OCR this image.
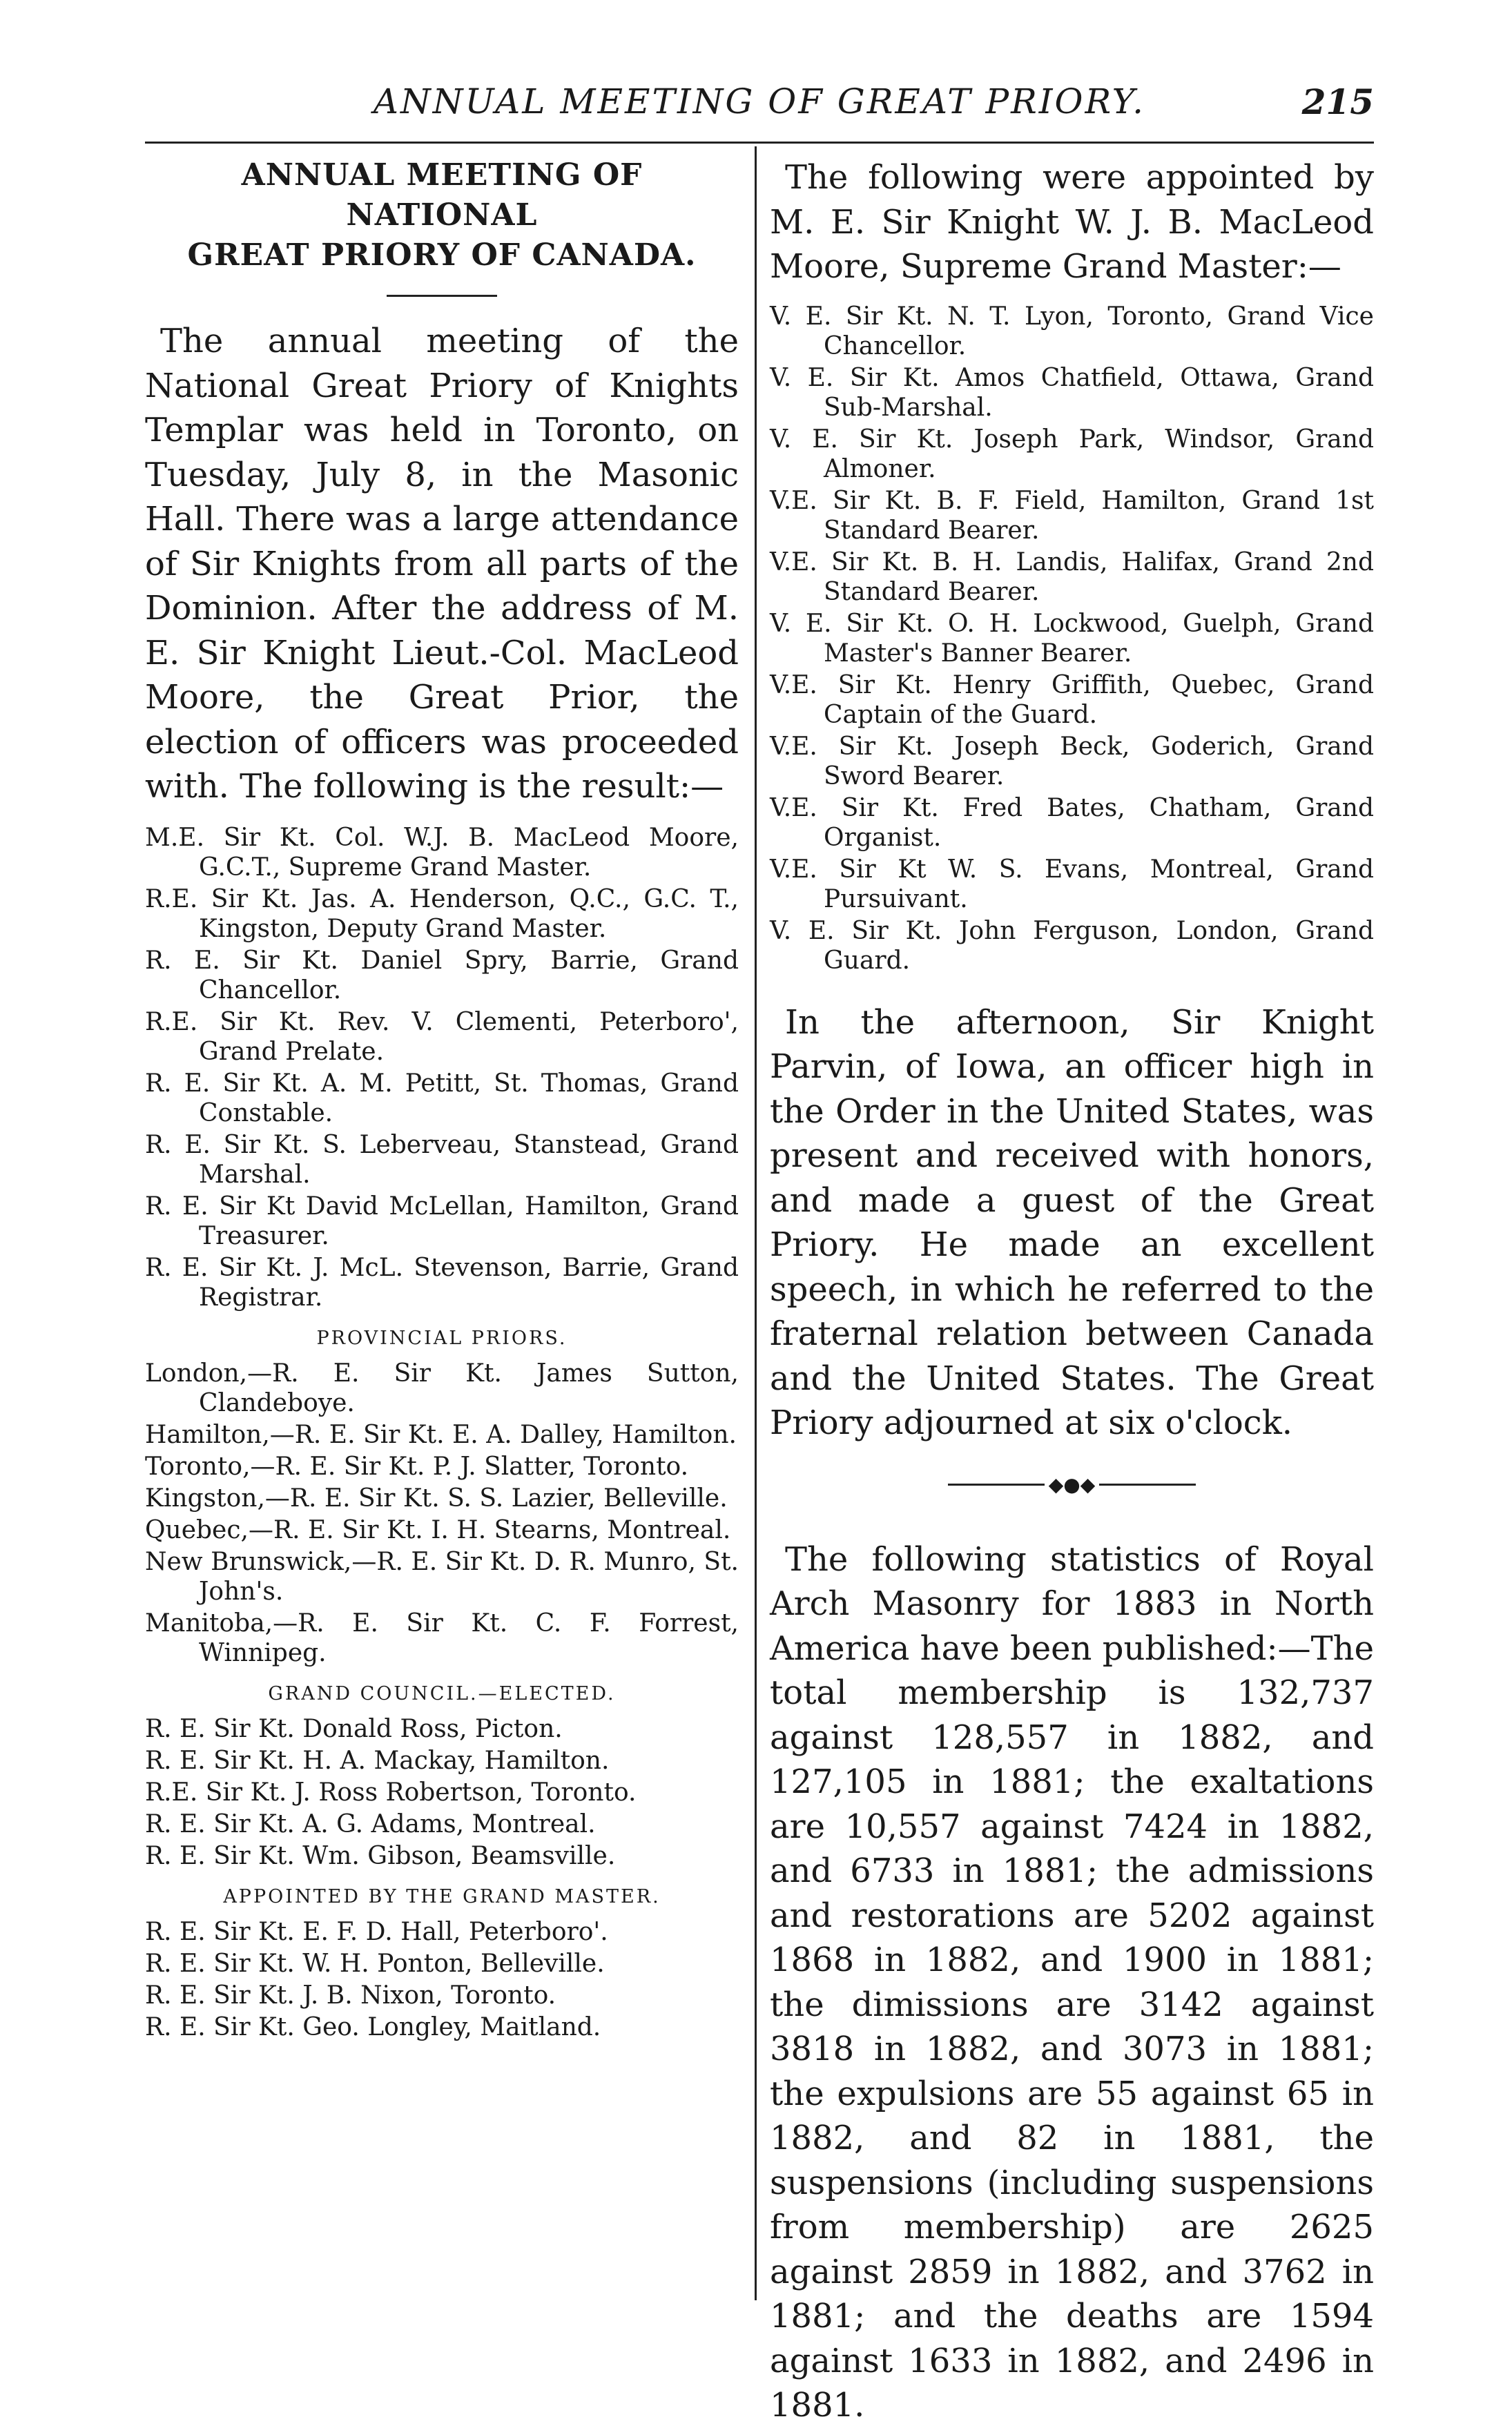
ANNUAL MEETING OF GREAT PRIORY.	215
ANNUAL MEETING OF NATIONAL
GREAT PRIORY OF CANADA.

The annual meeting of the National Great Priory of Knights Templar was held in Toronto, on Tuesday, July 8, in the Masonic Hall. There was a large attendance of Sir Knights from all parts of the Dominion. After the address of M. E. Sir Knight Lieut.-Col. MacLeod Moore, the Great Prior, the election of officers was proceeded with. The following is the result:—

M.E. Sir Kt. Col. W.J. B. MacLeod Moore, G.C.T., Supreme Grand Master.

R.E. Sir Kt. Jas. A. Henderson, Q.C., G.C. T., Kingston, Deputy Grand Master.

R. E. Sir Kt. Daniel Spry, Barrie, Grand Chancellor.

R.E. Sir Kt. Rev. V. Clementi, Peterboro', Grand Prelate.

R. E. Sir Kt. A. M. Petitt, St. Thomas, Grand Constable.

R. E. Sir Kt. S. Leberveau, Stanstead, Grand Marshal.

R. E. Sir Kt David McLellan, Hamilton, Grand Treasurer.

R. E. Sir Kt. J. McL. Stevenson, Barrie, Grand Registrar.

PROVINCIAL PRIORS.

London,—R. E. Sir Kt. James Sutton, Clandeboye.

Hamilton,—R. E. Sir Kt. E. A. Dalley, Hamilton.

Toronto,—R. E. Sir Kt. P. J. Slatter, Toronto.

Kingston,—R. E. Sir Kt. S. S. Lazier, Belleville.

Quebec,—R. E. Sir Kt. I. H. Stearns, Montreal.

New Brunswick,—R. E. Sir Kt. D. R. Munro, St. John's.

Manitoba,—R. E. Sir Kt. C. F. Forrest, Winnipeg.

GRAND COUNCIL.—ELECTED.

R. E. Sir Kt. Donald Ross, Picton.

R. E. Sir Kt. H. A. Mackay, Hamilton.

R.E. Sir Kt. J. Ross Robertson, Toronto.

R. E. Sir Kt. A. G. Adams, Montreal.

R. E. Sir Kt. Wm. Gibson, Beamsville.

APPOINTED BY THE GRAND MASTER.

R. E. Sir Kt. E. F. D. Hall, Peterboro'.

R. E. Sir Kt. W. H. Ponton, Belleville.

R. E. Sir Kt. J. B. Nixon, Toronto.

R. E. Sir Kt. Geo. Longley, Maitland.

The following were appointed by M. E. Sir Knight W. J. B. MacLeod Moore, Supreme Grand Master:—

V. E. Sir Kt. N. T. Lyon, Toronto, Grand Vice Chancellor.

V. E. Sir Kt. Amos Chatfield, Ottawa, Grand Sub-Marshal.

V. E. Sir Kt. Joseph Park, Windsor, Grand Almoner.

V.E. Sir Kt. B. F. Field, Hamilton, Grand 1st Standard Bearer.

V.E. Sir Kt. B. H. Landis, Halifax, Grand 2nd Standard Bearer.

V. E. Sir Kt. O. H. Lockwood, Guelph, Grand Master's Banner Bearer.

V.E. Sir Kt. Henry Griffith, Quebec, Grand Captain of the Guard.

V.E. Sir Kt. Joseph Beck, Goderich, Grand Sword Bearer.

V.E. Sir Kt. Fred Bates, Chatham, Grand Organist.

V.E. Sir Kt W. S. Evans, Montreal, Grand Pursuivant.

V. E. Sir Kt. John Ferguson, London, Grand Guard.

In the afternoon, Sir Knight Parvin, of Iowa, an officer high in the Order in the United States, was present and received with honors, and made a guest of the Great Priory. He made an excellent speech, in which he referred to the fraternal relation between Canada and the United States. The Great Priory adjourned at six o'clock.

◆●◆

The following statistics of Royal Arch Masonry for 1883 in North America have been published:—The total membership is 132,737 against 128,557 in 1882, and 127,105 in 1881; the exaltations are 10,557 against 7424 in 1882, and 6733 in 1881; the admissions and restorations are 5202 against 1868 in 1882, and 1900 in 1881; the dimissions are 3142 against 3818 in 1882, and 3073 in 1881; the expulsions are 55 against 65 in 1882, and 82 in 1881, the suspensions (including suspensions from membership) are 2625 against 2859 in 1882, and 3762 in 1881; and the deaths are 1594 against 1633 in 1882, and 2496 in 1881.
